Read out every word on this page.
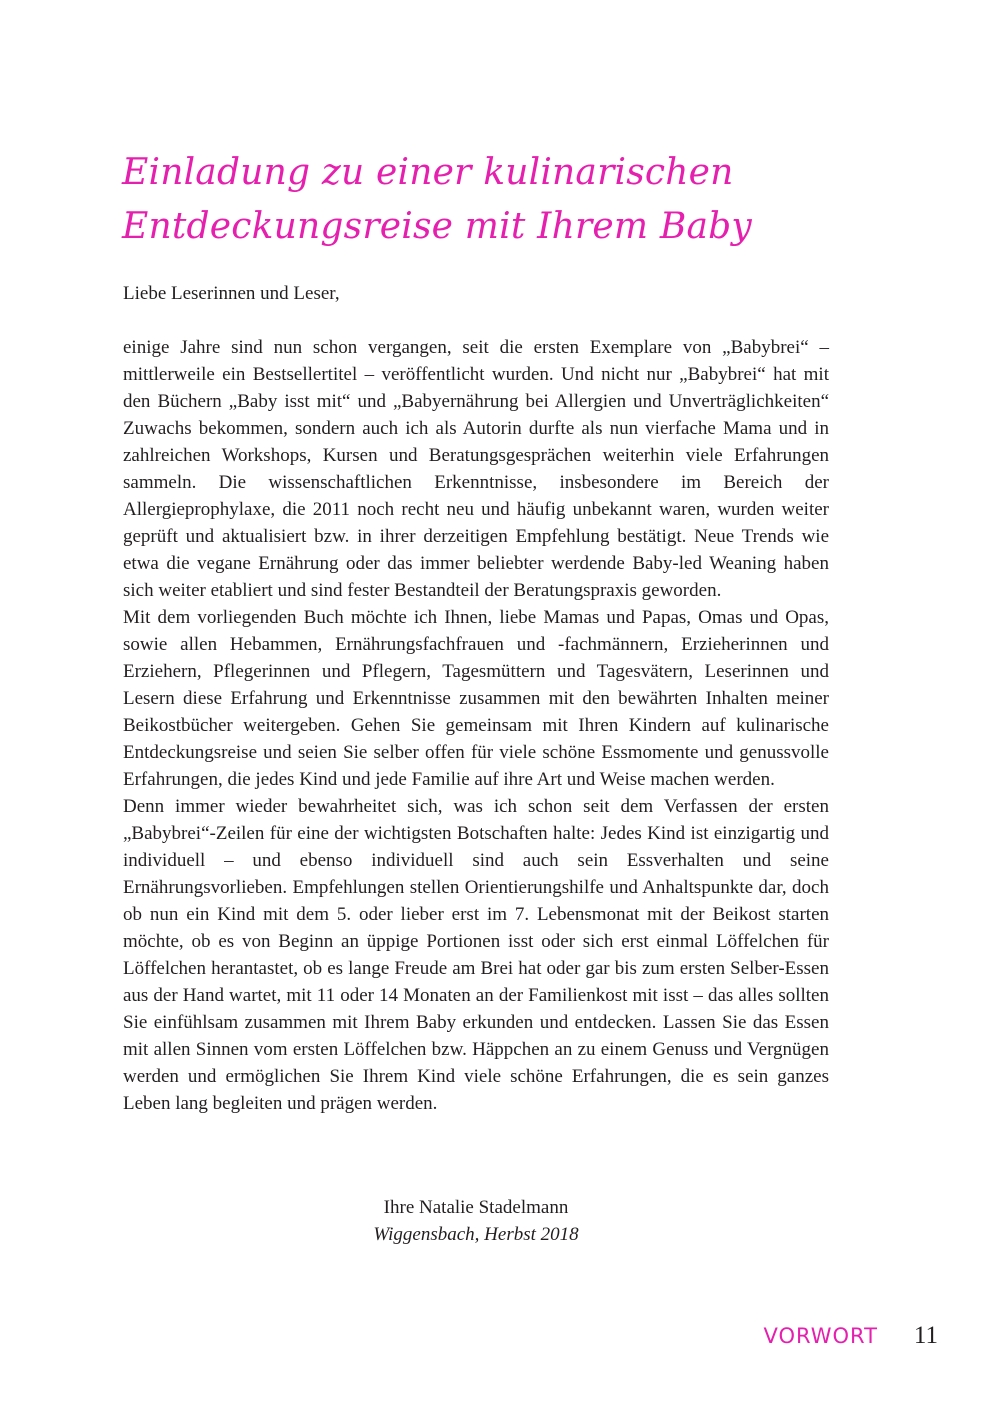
Einladung zu einer kulinarischen
Entdeckungsreise mit Ihrem Baby

Liebe Leserinnen und Leser,

einige Jahre sind nun schon vergangen, seit die ersten Exemplare von „Babybrei“ – mittlerweile ein Bestsellertitel – veröffentlicht wurden. Und nicht nur „Babybrei“ hat mit den Büchern „Baby isst mit“ und „Babyernährung bei Allergien und Unverträglichkeiten“ Zuwachs bekommen, sondern auch ich als Autorin durfte als nun vierfache Mama und in zahlreichen Workshops, Kursen und Beratungsgesprächen weiterhin viele Erfahrungen sammeln. Die wissenschaftlichen Erkenntnisse, insbesondere im Bereich der Allergieprophylaxe, die 2011 noch recht neu und häufig unbekannt waren, wurden weiter geprüft und aktualisiert bzw. in ihrer derzeitigen Empfehlung bestätigt. Neue Trends wie etwa die vegane Ernährung oder das immer beliebter werdende Baby-led Weaning haben sich weiter etabliert und sind fester Bestandteil der Beratungspraxis geworden.

Mit dem vorliegenden Buch möchte ich Ihnen, liebe Mamas und Papas, Omas und Opas, sowie allen Hebammen, Ernährungsfachfrauen und -fachmännern, Erzieherinnen und Erziehern, Pflegerinnen und Pflegern, Tagesmüttern und Tagesvätern, Leserinnen und Lesern diese Erfahrung und Erkenntnisse zusammen mit den bewährten Inhalten meiner Beikostbücher weitergeben. Gehen Sie gemeinsam mit Ihren Kindern auf kulinarische Entdeckungsreise und seien Sie selber offen für viele schöne Essmomente und genussvolle Erfahrungen, die jedes Kind und jede Familie auf ihre Art und Weise machen werden.

Denn immer wieder bewahrheitet sich, was ich schon seit dem Verfassen der ersten „Babybrei“-Zeilen für eine der wichtigsten Botschaften halte: Jedes Kind ist einzigartig und individuell – und ebenso individuell sind auch sein Essverhalten und seine Ernährungsvorlieben. Empfehlungen stellen Orientierungshilfe und Anhaltspunkte dar, doch ob nun ein Kind mit dem 5. oder lieber erst im 7. Lebensmonat mit der Beikost starten möchte, ob es von Beginn an üppige Portionen isst oder sich erst einmal Löffelchen für Löffelchen herantastet, ob es lange Freude am Brei hat oder gar bis zum ersten Selber-Essen aus der Hand wartet, mit 11 oder 14 Monaten an der Familienkost mit isst – das alles sollten Sie einfühlsam zusammen mit Ihrem Baby erkunden und entdecken. Lassen Sie das Essen mit allen Sinnen vom ersten Löffelchen bzw. Häppchen an zu einem Genuss und Vergnügen werden und ermöglichen Sie Ihrem Kind viele schöne Erfahrungen, die es sein ganzes Leben lang begleiten und prägen werden.

Ihre Natalie Stadelmann
Wiggensbach, Herbst 2018
VORWORT 11
